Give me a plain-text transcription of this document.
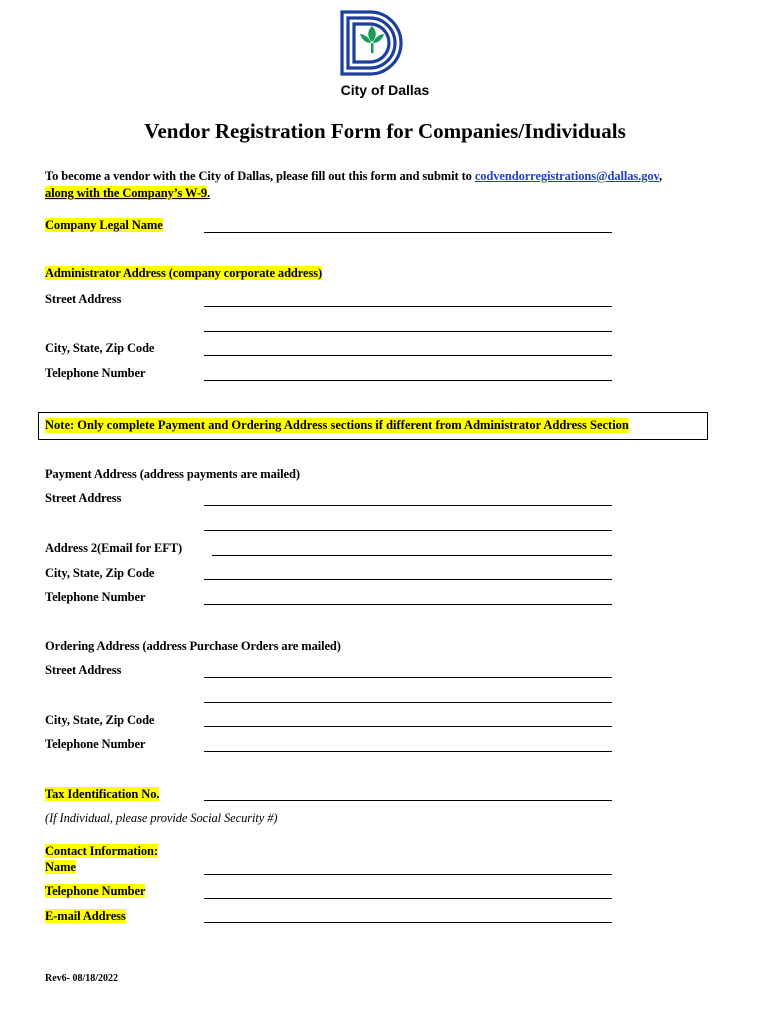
City of Dallas
Vendor Registration Form for Companies/Individuals
To become a vendor with the City of Dallas, please fill out this form and submit to codvendorregistrations@dallas.gov,
along with the Company’s W-9.
Company Legal Name
Administrator Address (company corporate address)
Street Address
City, State, Zip Code
Telephone Number
Note: Only complete Payment and Ordering Address sections if different from Administrator Address Section
Payment Address (address payments are mailed)
Street Address
Address 2(Email for EFT)
City, State, Zip Code
Telephone Number
Ordering Address (address Purchase Orders are mailed)
Street Address
City, State, Zip Code
Telephone Number
Tax Identification No.
(If Individual, please provide Social Security #)
Contact Information:
Name
Telephone Number
E-mail Address
Rev6- 08/18/2022
